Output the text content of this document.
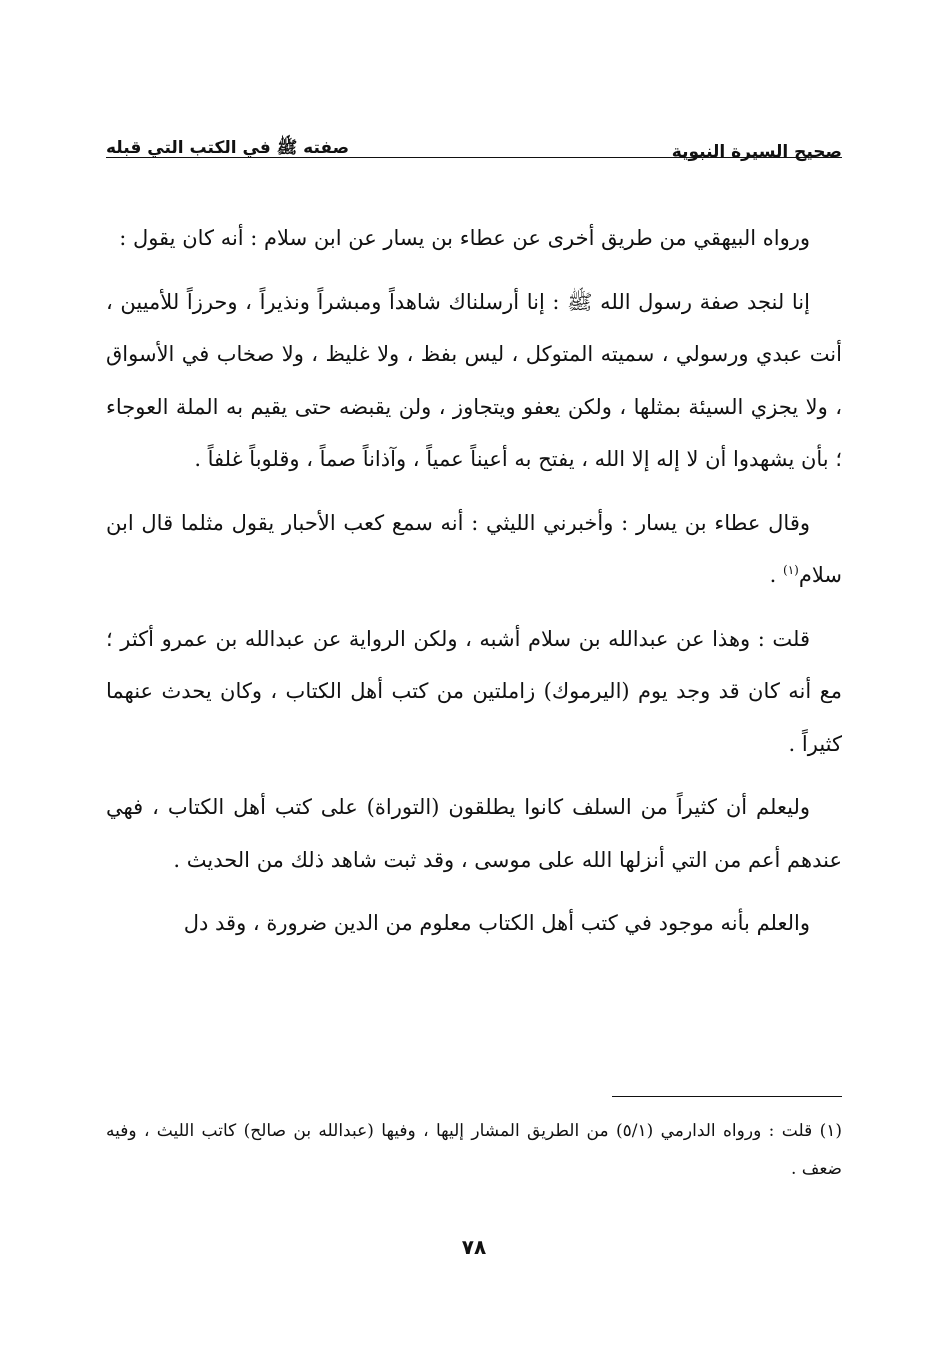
صحيح السيرة النبوية
صفته ﷺ في الكتب التي قبله

ورواه البيهقي من طريق أخرى عن عطاء بن يسار عن ابن سلام : أنه كان يقول :

إنا لنجد صفة رسول الله ﷺ : إنا أرسلناك شاهداً ومبشراً ونذيراً ، وحرزاً للأميين ، أنت عبدي ورسولي ، سميته المتوكل ، ليس بفظ ، ولا غليظ ، ولا صخاب في الأسواق ، ولا يجزي السيئة بمثلها ، ولكن يعفو ويتجاوز ، ولن يقبضه حتى يقيم به الملة العوجاء ؛ بأن يشهدوا أن لا إله إلا الله ، يفتح به أعيناً عمياً ، وآذاناً صماً ، وقلوباً غلفاً .

وقال عطاء بن يسار : وأخبرني الليثي : أنه سمع كعب الأحبار يقول مثلما قال ابن سلام$^{(١)}$ .

قلت : وهذا عن عبدالله بن سلام أشبه ، ولكن الرواية عن عبدالله بن عمرو أكثر ؛ مع أنه كان قد وجد يوم (اليرموك) زاملتين من كتب أهل الكتاب ، وكان يحدث عنهما كثيراً .

وليعلم أن كثيراً من السلف كانوا يطلقون (التوراة) على كتب أهل الكتاب ، فهي عندهم أعم من التي أنزلها الله على موسى ، وقد ثبت شاهد ذلك من الحديث .

والعلم بأنه موجود في كتب أهل الكتاب معلوم من الدين ضرورة ، وقد دل

(١) قلت : ورواه الدارمي (٥/١) من الطريق المشار إليها ، وفيها (عبدالله بن صالح) كاتب الليث ، وفيه ضعف .

٧٨
